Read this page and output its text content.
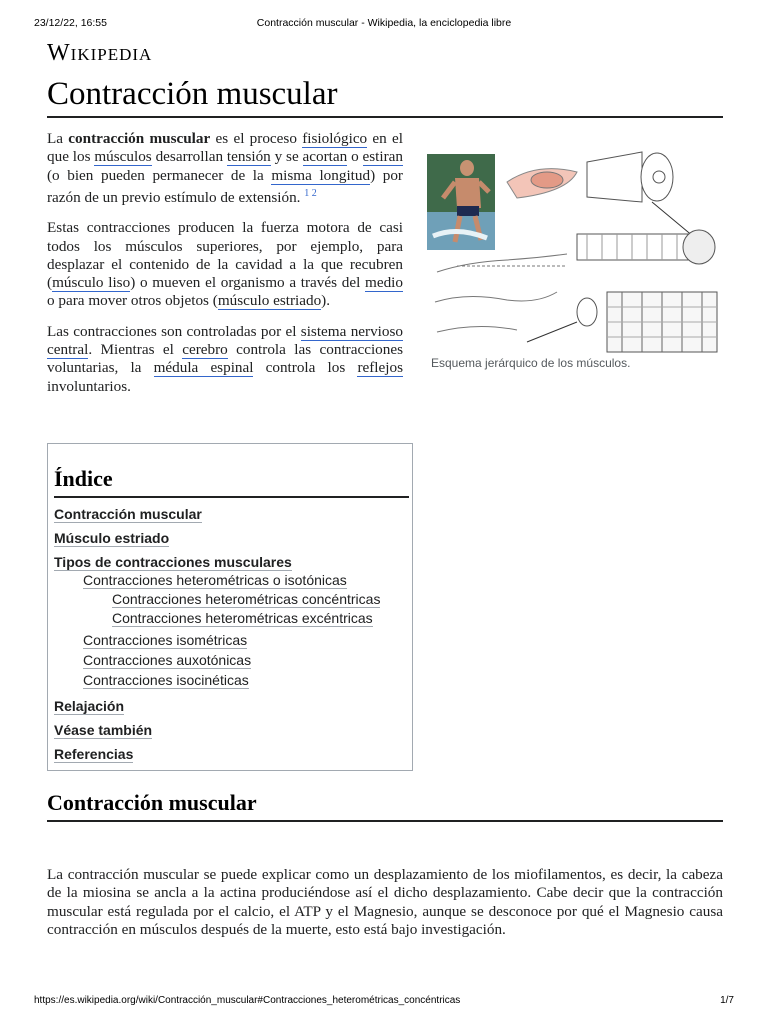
23/12/22, 16:55	Contracción muscular - Wikipedia, la enciclopedia libre
Wikipedia
Contracción muscular

La contracción muscular es el proceso fisiológico en el que los músculos desarrollan tensión y se acortan o estiran (o bien pueden permanecer de la misma longitud) por razón de un previo estímulo de extensión. $^{1 2}$

Estas contracciones producen la fuerza motora de casi todos los músculos superiores, por ejemplo, para desplazar el contenido de la cavidad a la que recubren (músculo liso) o mueven el organismo a través del medio o para mover otros objetos (músculo estriado).

Las contracciones son controladas por el sistema nervioso central. Mientras el cerebro controla las contracciones voluntarias, la médula espinal controla los reflejos involuntarios.

Esquema jerárquico de los músculos.
Índice
Contracción muscular
Músculo estriado
Tipos de contracciones musculares
Contracciones heterométricas o isotónicas
Contracciones heterométricas concéntricas
Contracciones heterométricas excéntricas
Contracciones isométricas
Contracciones auxotónicas
Contracciones isocinéticas
Relajación
Véase también
Referencias
Contracción muscular

La contracción muscular se puede explicar como un desplazamiento de los miofilamentos, es decir, la cabeza de la miosina se ancla a la actina produciéndose así el dicho desplazamiento. Cabe decir que la contracción muscular está regulada por el calcio, el ATP y el Magnesio, aunque se desconoce por qué el Magnesio causa contracción en músculos después de la muerte, esto está bajo investigación.

https://es.wikipedia.org/wiki/Contracción_muscular#Contracciones_heterométricas_concéntricas	1/7
